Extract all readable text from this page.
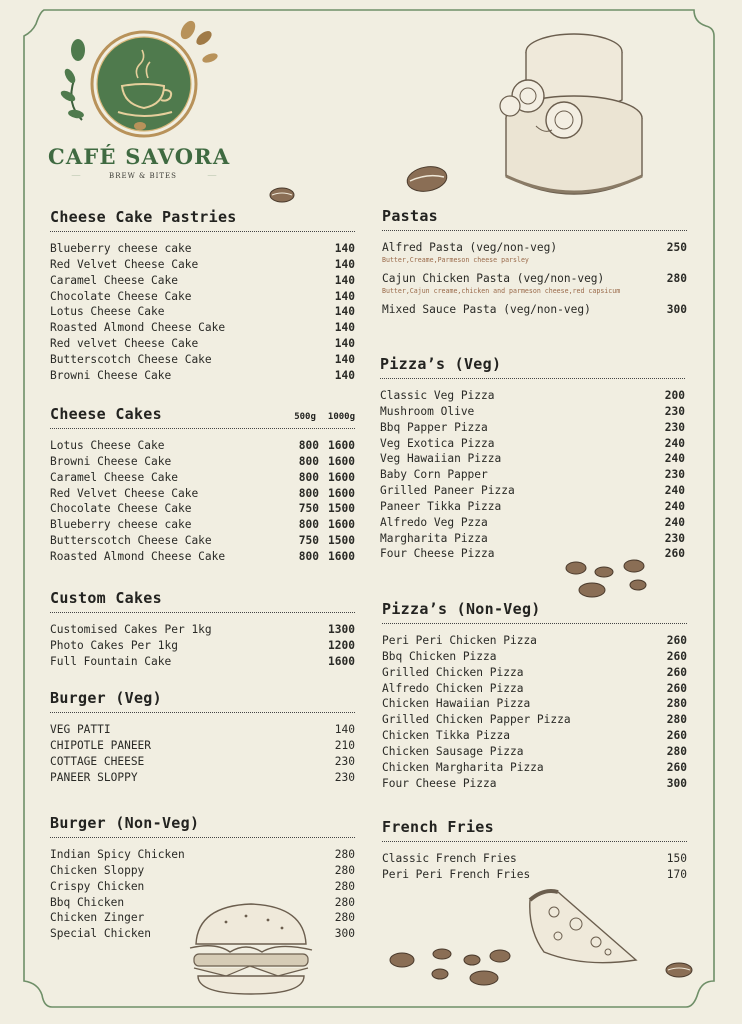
CAFÉ SAVORA
BREW & BITES
Cheese Cake Pastries
Blueberry cheese cake	140
Red Velvet Cheese Cake	140
Caramel Cheese Cake	140
Chocolate Cheese Cake	140
Lotus Cheese Cake	140
Roasted Almond Cheese Cake	140
Red velvet Cheese Cake	140
Butterscotch Cheese Cake	140
Browni Cheese Cake	140
Cheese Cakes	500g 1000g
Lotus Cheese Cake	800 1600
Browni Cheese Cake	800 1600
Caramel Cheese Cake	800 1600
Red Velvet Cheese Cake	800 1600
Chocolate Cheese Cake	750 1500
Blueberry cheese cake	800 1600
Butterscotch Cheese Cake	750 1500
Roasted Almond Cheese Cake	800 1600
Custom Cakes
Customised Cakes Per 1kg	1300
Photo Cakes Per 1kg	1200
Full Fountain Cake	1600
Burger (Veg)
VEG PATTI	140
CHIPOTLE PANEER	210
COTTAGE CHEESE	230
PANEER SLOPPY	230
Burger (Non-Veg)
Indian Spicy Chicken	280
Chicken Sloppy	280
Crispy Chicken	280
Bbq Chicken	280
Chicken Zinger	280
Special Chicken	300
Pastas
Alfred Pasta (veg/non-veg)	250
Butter,Creame,Parmeson cheese parsley
Cajun Chicken Pasta (veg/non-veg)	280
Butter,Cajun creame,chicken and parmeson cheese,red capsicum
Mixed Sauce Pasta (veg/non-veg)	300
Pizza’s (Veg)
Classic Veg Pizza	200
Mushroom Olive	230
Bbq Papper Pizza	230
Veg Exotica Pizza	240
Veg Hawaiian Pizza	240
Baby Corn Papper	230
Grilled Paneer Pizza	240
Paneer Tikka Pizza	240
Alfredo Veg Pzza	240
Margharita Pizza	230
Four Cheese Pizza	260
Pizza’s (Non-Veg)
Peri Peri Chicken Pizza	260
Bbq Chicken Pizza	260
Grilled Chicken Pizza	260
Alfredo Chicken Pizza	260
Chicken Hawaiian Pizza	280
Grilled Chicken Papper Pizza	280
Chicken Tikka Pizza	260
Chicken Sausage Pizza	280
Chicken Margharita Pizza	260
Four Cheese Pizza	300
French Fries
Classic French Fries	150
Peri Peri French Fries	170
